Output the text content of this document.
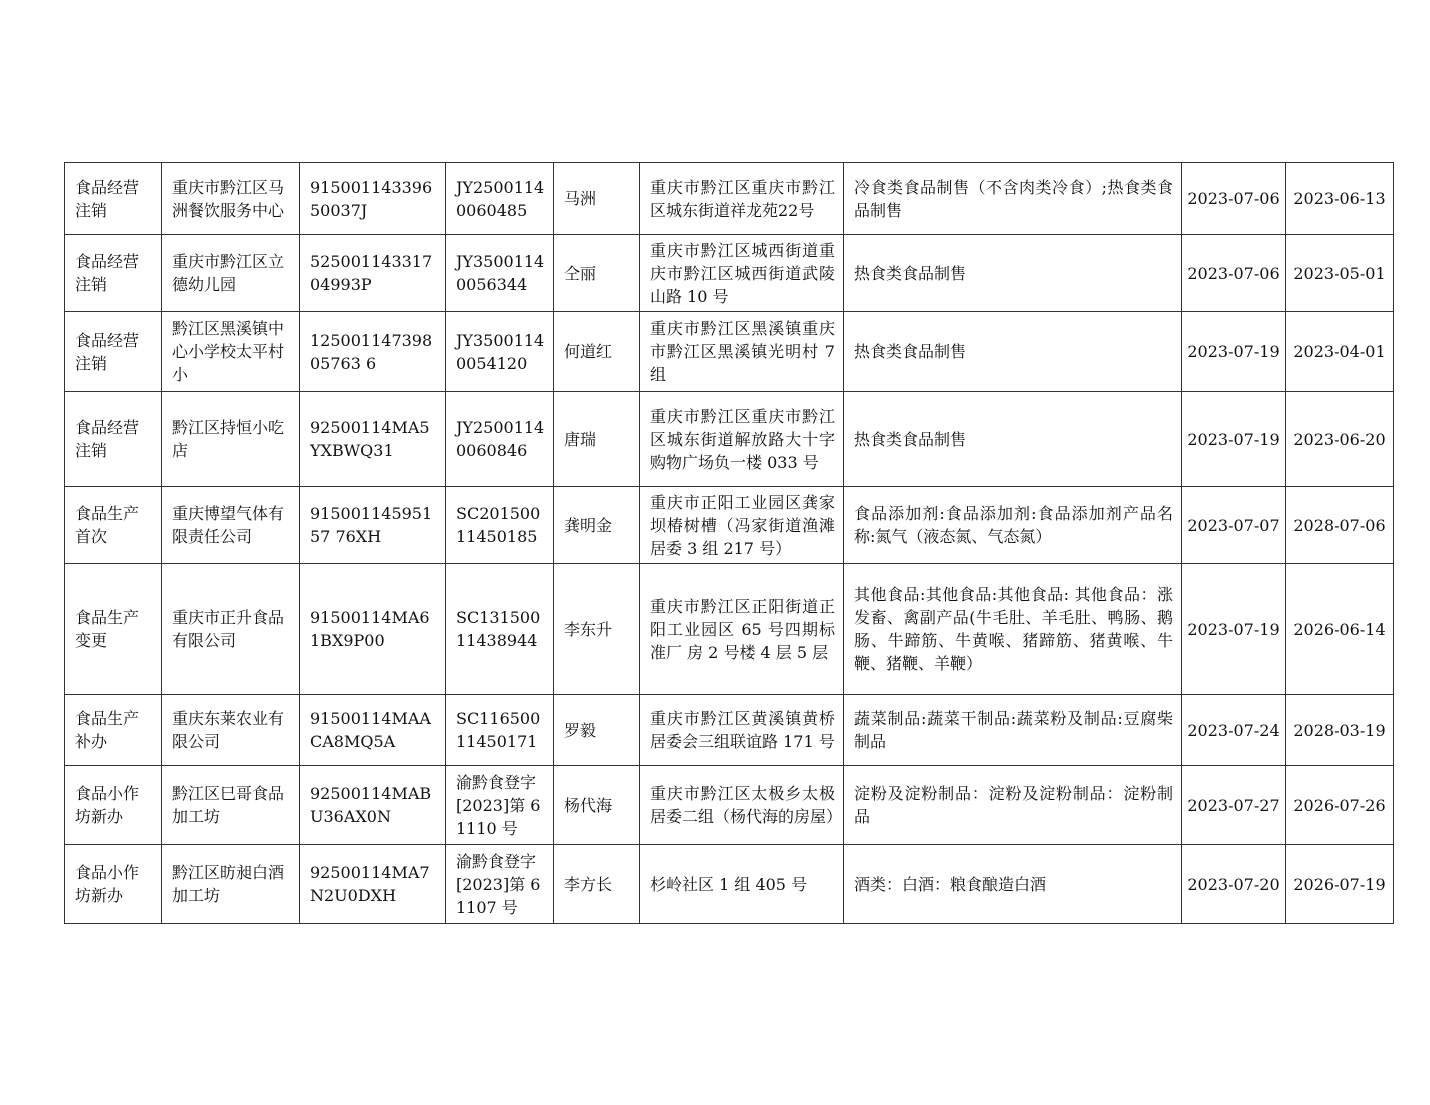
食品经营注销	重庆市黔江区马洲餐饮服务中心	91500114339650037J	JY25001140060485	马洲	重庆市黔江区重庆市黔江区城东街道祥龙苑22号	冷食类食品制售（不含肉类冷食）;热食类食品制售	2023-07-06	2023-06-13
食品经营注销	重庆市黔江区立德幼儿园	52500114331704993P	JY35001140056344	仝丽	重庆市黔江区城西街道重庆市黔江区城西街道武陵山路 10 号	热食类食品制售	2023-07-06	2023-05-01
食品经营注销	黔江区黑溪镇中心小学校太平村小	12500114739805763 6	JY35001140054120	何道红	重庆市黔江区黑溪镇重庆市黔江区黑溪镇光明村 7 组	热食类食品制售	2023-07-19	2023-04-01
食品经营注销	黔江区持恒小吃店	92500114MA5YXBWQ31	JY25001140060846	唐瑞	重庆市黔江区重庆市黔江区城东街道解放路大十字购物广场负一楼 033 号	热食类食品制售	2023-07-19	2023-06-20
食品生产首次	重庆博望气体有限责任公司	91500114595157 76XH	SC20150011450185	龚明金	重庆市正阳工业园区龚家坝椿树槽（冯家街道渔滩居委 3 组 217 号）	食品添加剂:食品添加剂:食品添加剂产品名称:氮气（液态氮、气态氮）	2023-07-07	2028-07-06
食品生产变更	重庆市正升食品有限公司	91500114MA61BX9P00	SC13150011438944	李东升	重庆市黔江区正阳街道正阳工业园区 65 号四期标准厂 房 2 号楼 4 层 5 层	其他食品:其他食品:其他食品: 其他食品：涨发畜、禽副产品(牛毛肚、羊毛肚、鸭肠、鹅肠、牛蹄筋、牛黄喉、猪蹄筋、猪黄喉、牛鞭、猪鞭、羊鞭）	2023-07-19	2026-06-14
食品生产补办	重庆东莱农业有限公司	91500114MAACA8MQ5A	SC11650011450171	罗毅	重庆市黔江区黄溪镇黄桥居委会三组联谊路 171 号	蔬菜制品:蔬菜干制品:蔬菜粉及制品:豆腐柴制品	2023-07-24	2028-03-19
食品小作坊新办	黔江区巳哥食品加工坊	92500114MABU36AX0N	渝黔食登字[2023]第 61110 号	杨代海	重庆市黔江区太极乡太极居委二组（杨代海的房屋）	淀粉及淀粉制品：淀粉及淀粉制品：淀粉制品	2023-07-27	2026-07-26
食品小作坊新办	黔江区昉昶白酒加工坊	92500114MA7N2U0DXH	渝黔食登字[2023]第 61107 号	李方长	杉岭社区 1 组 405 号	酒类：白酒：粮食酿造白酒	2023-07-20	2026-07-19
